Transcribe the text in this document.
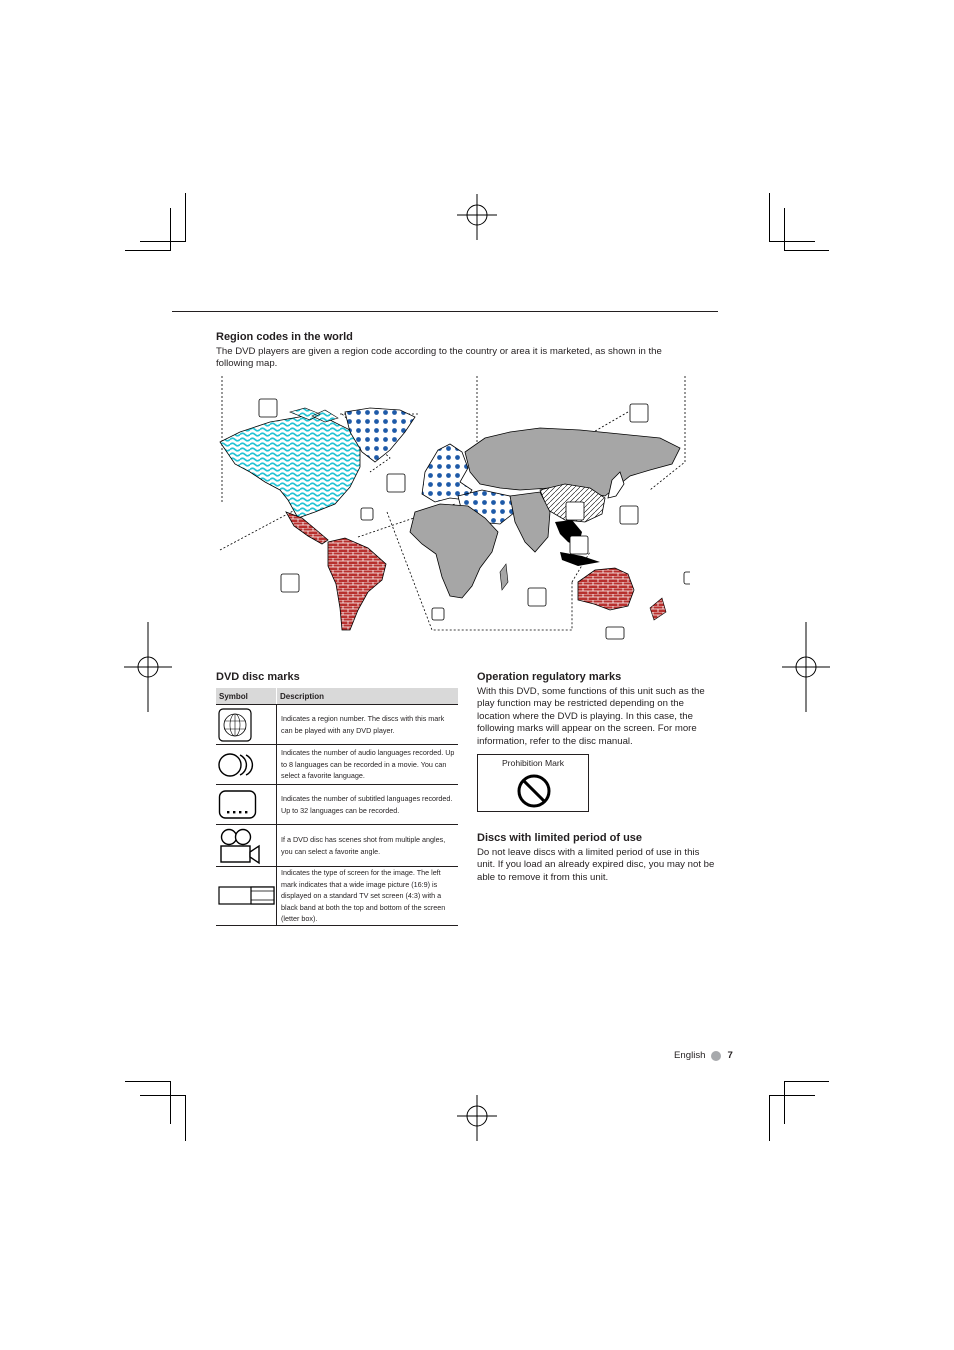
Region codes in the world

The DVD players are given a region code according to the country or area it is marketed, as shown in the following map.

DVD disc marks
Symbol	Description

	Indicates a region number. The discs with this mark can be played with any DVD player.

	Indicates the number of audio languages recorded. Up to 8 languages can be recorded in a movie. You can select a favorite language.

	Indicates the number of subtitled languages recorded. Up to 32 languages can be recorded.

	If a DVD disc has scenes shot from multiple angles, you can select a favorite angle.

	Indicates the type of screen for the image. The left mark indicates that a wide image picture (16:9) is displayed on a standard TV set screen (4:3) with a black band at both the top and bottom of the screen (letter box).
Operation regulatory marks

With this DVD, some functions of this unit such as the play function may be restricted depending on the location where the DVD is playing. In this case, the following marks will appear on the screen. For more information, refer to the disc manual.

Prohibition Mark
Discs with limited period of use

Do not leave discs with a limited period of use in this unit. If you load an already expired disc, you may not be able to remove it from this unit.

English 7
